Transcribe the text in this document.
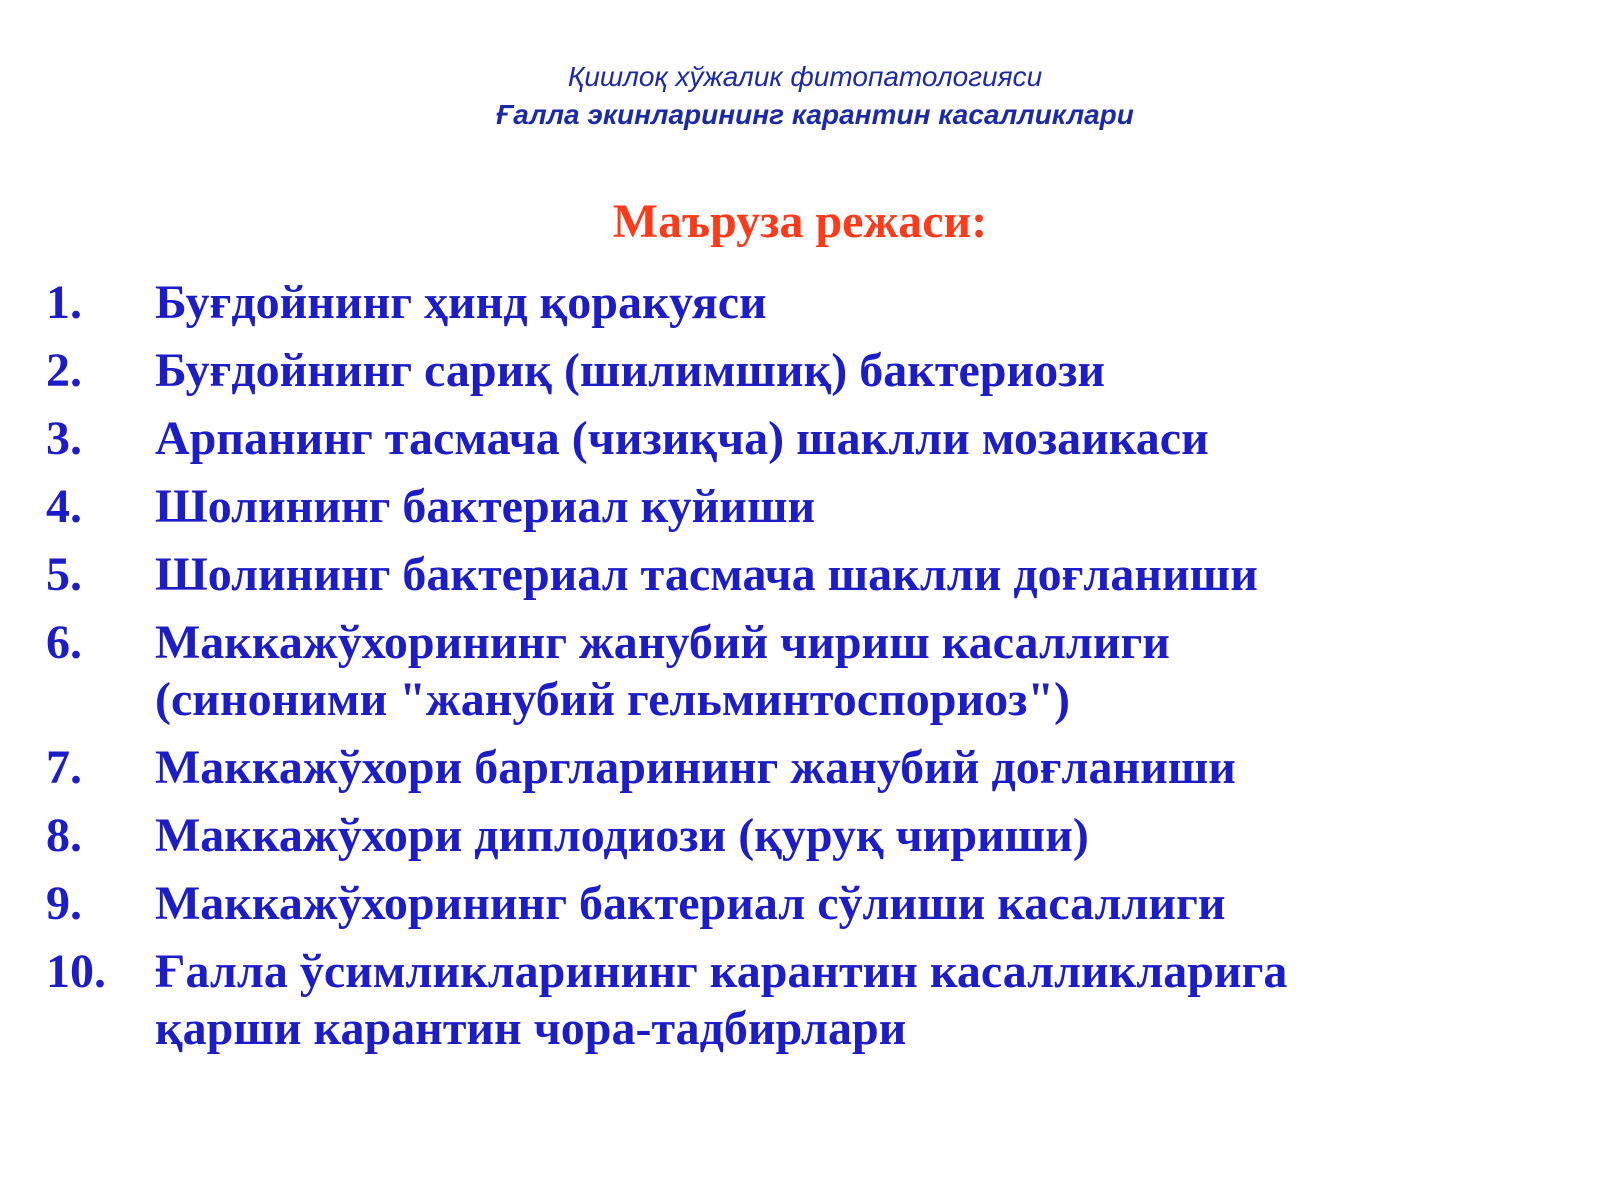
Қишлоқ хўжалик фитопатологияси
Ғалла экинларининг карантин касалликлари
Маъруза режаси:
1.	Буғдойнинг ҳинд қоракуяси
2.	Буғдойнинг сариқ (шилимшиқ) бактериози
3.	Арпанинг тасмача (чизиқча) шаклли мозаикаси
4.	Шолининг бактериал куйиши
5.	Шолининг бактериал тасмача шаклли доғланиши
6.	Маккажўхорининг жанубий чириш касаллиги
(синоними "жанубий гельминтоспориоз")
7.	Маккажўхори баргларининг жанубий доғланиши
8.	Маккажўхори диплодиози (қуруқ чириши)
9.	Маккажўхорининг бактериал сўлиши касаллиги
10.	Ғалла ўсимликларининг карантин касалликларига
қарши карантин чора-тадбирлари
